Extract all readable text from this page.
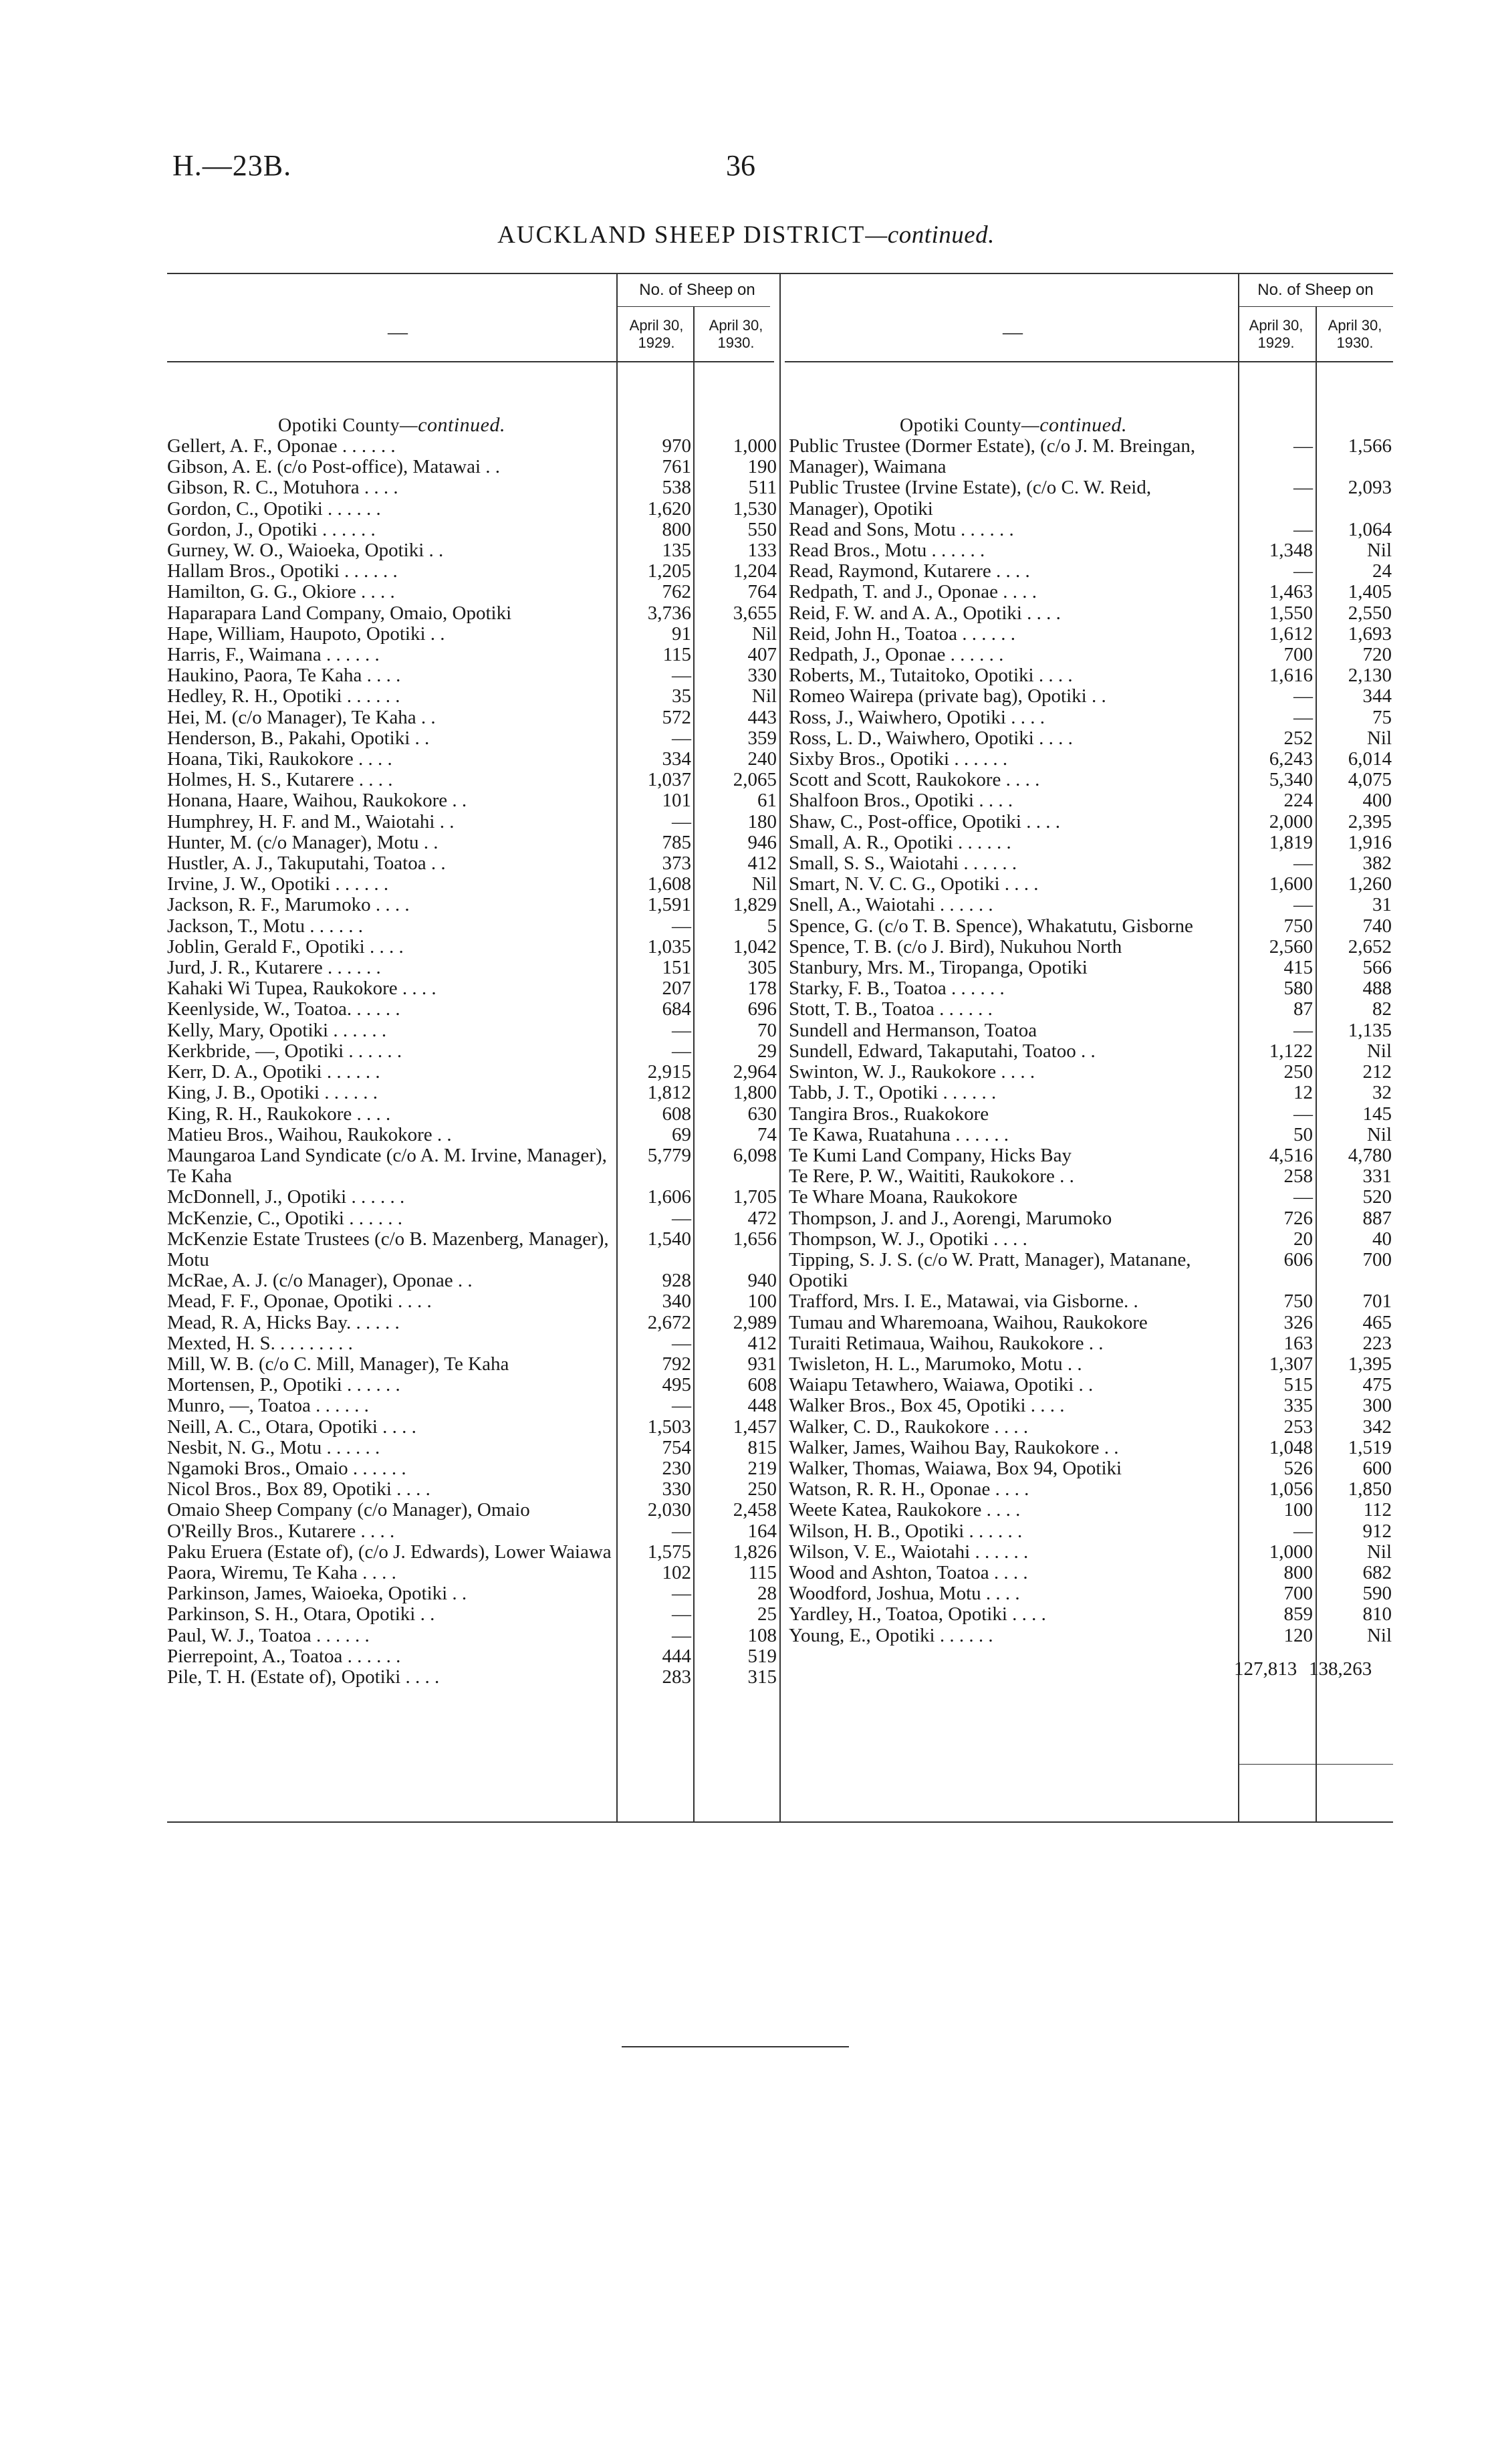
H.—23B.	36
AUCKLAND SHEEP DISTRICT—continued.
—
No. of Sheep on
April 30, 1929.
April 30, 1930.
Opotiki County—continued.
Gellert, A. F., Oponae . . . . . .	970	1,000
Gibson, A. E. (c/o Post-office), Matawai . .	761	190
Gibson, R. C., Motuhora . . . .	538	511
Gordon, C., Opotiki . . . . . .	1,620	1,530
Gordon, J., Opotiki . . . . . .	800	550
Gurney, W. O., Waioeka, Opotiki . .	135	133
Hallam Bros., Opotiki . . . . . .	1,205	1,204
Hamilton, G. G., Okiore . . . .	762	764
Haparapara Land Company, Omaio, Opotiki	3,736	3,655
Hape, William, Haupoto, Opotiki . .	91	Nil
Harris, F., Waimana . . . . . .	115	407
Haukino, Paora, Te Kaha . . . .	—	330
Hedley, R. H., Opotiki . . . . . .	35	Nil
Hei, M. (c/o Manager), Te Kaha . .	572	443
Henderson, B., Pakahi, Opotiki . .	—	359
Hoana, Tiki, Raukokore . . . .	334	240
Holmes, H. S., Kutarere . . . .	1,037	2,065
Honana, Haare, Waihou, Raukokore . .	101	61
Humphrey, H. F. and M., Waiotahi . .	—	180
Hunter, M. (c/o Manager), Motu . .	785	946
Hustler, A. J., Takuputahi, Toatoa . .	373	412
Irvine, J. W., Opotiki . . . . . .	1,608	Nil
Jackson, R. F., Marumoko . . . .	1,591	1,829
Jackson, T., Motu . . . . . .	—	5
Joblin, Gerald F., Opotiki . . . .	1,035	1,042
Jurd, J. R., Kutarere . . . . . .	151	305
Kahaki Wi Tupea, Raukokore . . . .	207	178
Keenlyside, W., Toatoa. . . . . .	684	696
Kelly, Mary, Opotiki . . . . . .	—	70
Kerkbride, —, Opotiki . . . . . .	—	29
Kerr, D. A., Opotiki . . . . . .	2,915	2,964
King, J. B., Opotiki . . . . . .	1,812	1,800
King, R. H., Raukokore . . . .	608	630
Matieu Bros., Waihou, Raukokore . .	69	74
Maungaroa Land Syndicate (c/o A. M. Irvine, Manager), Te Kaha
5,779	6,098
McDonnell, J., Opotiki . . . . . .	1,606	1,705
McKenzie, C., Opotiki . . . . . .	—	472
McKenzie Estate Trustees (c/o B. Mazenberg, Manager), Motu
1,540	1,656
McRae, A. J. (c/o Manager), Oponae . .	928	940
Mead, F. F., Oponae, Opotiki . . . .	340	100
Mead, R. A, Hicks Bay. . . . . .	2,672	2,989
Mexted, H. S. . . . . . . . .	—	412
Mill, W. B. (c/o C. Mill, Manager), Te Kaha	792	931
Mortensen, P., Opotiki . . . . . .	495	608
Munro, —, Toatoa . . . . . .	—	448
Neill, A. C., Otara, Opotiki . . . .	1,503	1,457
Nesbit, N. G., Motu . . . . . .	754	815
Ngamoki Bros., Omaio . . . . . .	230	219
Nicol Bros., Box 89, Opotiki . . . .	330	250
Omaio Sheep Company (c/o Manager), Omaio	2,030	2,458
O'Reilly Bros., Kutarere . . . .	—	164
Paku Eruera (Estate of), (c/o J. Edwards), Lower Waiawa	1,575	1,826
Paora, Wiremu, Te Kaha . . . .	102	115
Parkinson, James, Waioeka, Opotiki . .	—	28
Parkinson, S. H., Otara, Opotiki . .	—	25
Paul, W. J., Toatoa . . . . . .	—	108
Pierrepoint, A., Toatoa . . . . . .	444	519
Pile, T. H. (Estate of), Opotiki . . . .	283	315
—
No. of Sheep on
April 30, 1929.
April 30, 1930.
Opotiki County—continued.
Public Trustee (Dormer Estate), (c/o J. M. Breingan, Manager), Waimana
—	1,566
Public Trustee (Irvine Estate), (c/o C. W. Reid, Manager), Opotiki
—	2,093
Read and Sons, Motu . . . . . .	—	1,064
Read Bros., Motu . . . . . .	1,348	Nil
Read, Raymond, Kutarere . . . .	—	24
Redpath, T. and J., Oponae . . . .	1,463	1,405
Reid, F. W. and A. A., Opotiki . . . .	1,550	2,550
Reid, John H., Toatoa . . . . . .	1,612	1,693
Redpath, J., Oponae . . . . . .	700	720
Roberts, M., Tutaitoko, Opotiki . . . .	1,616	2,130
Romeo Wairepa (private bag), Opotiki . .	—	344
Ross, J., Waiwhero, Opotiki . . . .	—	75
Ross, L. D., Waiwhero, Opotiki . . . .	252	Nil
Sixby Bros., Opotiki . . . . . .	6,243	6,014
Scott and Scott, Raukokore . . . .	5,340	4,075
Shalfoon Bros., Opotiki . . . .	224	400
Shaw, C., Post-office, Opotiki . . . .	2,000	2,395
Small, A. R., Opotiki . . . . . .	1,819	1,916
Small, S. S., Waiotahi . . . . . .	—	382
Smart, N. V. C. G., Opotiki . . . .	1,600	1,260
Snell, A., Waiotahi . . . . . .	—	31
Spence, G. (c/o T. B. Spence), Whakatutu, Gisborne	750	740
Spence, T. B. (c/o J. Bird), Nukuhou North	2,560	2,652
Stanbury, Mrs. M., Tiropanga, Opotiki	415	566
Starky, F. B., Toatoa . . . . . .	580	488
Stott, T. B., Toatoa . . . . . .	87	82
Sundell and Hermanson, Toatoa	—	1,135
Sundell, Edward, Takaputahi, Toatoo . .	1,122	Nil
Swinton, W. J., Raukokore . . . .	250	212
Tabb, J. T., Opotiki . . . . . .	12	32
Tangira Bros., Ruakokore	—	145
Te Kawa, Ruatahuna . . . . . .	50	Nil
Te Kumi Land Company, Hicks Bay	4,516	4,780
Te Rere, P. W., Waititi, Raukokore . .	258	331
Te Whare Moana, Raukokore	—	520
Thompson, J. and J., Aorengi, Marumoko	726	887
Thompson, W. J., Opotiki . . . .	20	40
Tipping, S. J. S. (c/o W. Pratt, Manager), Matanane, Opotiki
606	700
Trafford, Mrs. I. E., Matawai, via Gisborne. .	750	701
Tumau and Wharemoana, Waihou, Raukokore	326	465
Turaiti Retimaua, Waihou, Raukokore . .	163	223
Twisleton, H. L., Marumoko, Motu . .	1,307	1,395
Waiapu Tetawhero, Waiawa, Opotiki . .	515	475
Walker Bros., Box 45, Opotiki . . . .	335	300
Walker, C. D., Raukokore . . . .	253	342
Walker, James, Waihou Bay, Raukokore . .	1,048	1,519
Walker, Thomas, Waiawa, Box 94, Opotiki	526	600
Watson, R. R. H., Oponae . . . .	1,056	1,850
Weete Katea, Raukokore . . . .	100	112
Wilson, H. B., Opotiki . . . . . .	—	912
Wilson, V. E., Waiotahi . . . . . .	1,000	Nil
Wood and Ashton, Toatoa . . . .	800	682
Woodford, Joshua, Motu . . . .	700	590
Yardley, H., Toatoa, Opotiki . . . .	859	810
Young, E., Opotiki . . . . . .	120	Nil
127,813 138,263
